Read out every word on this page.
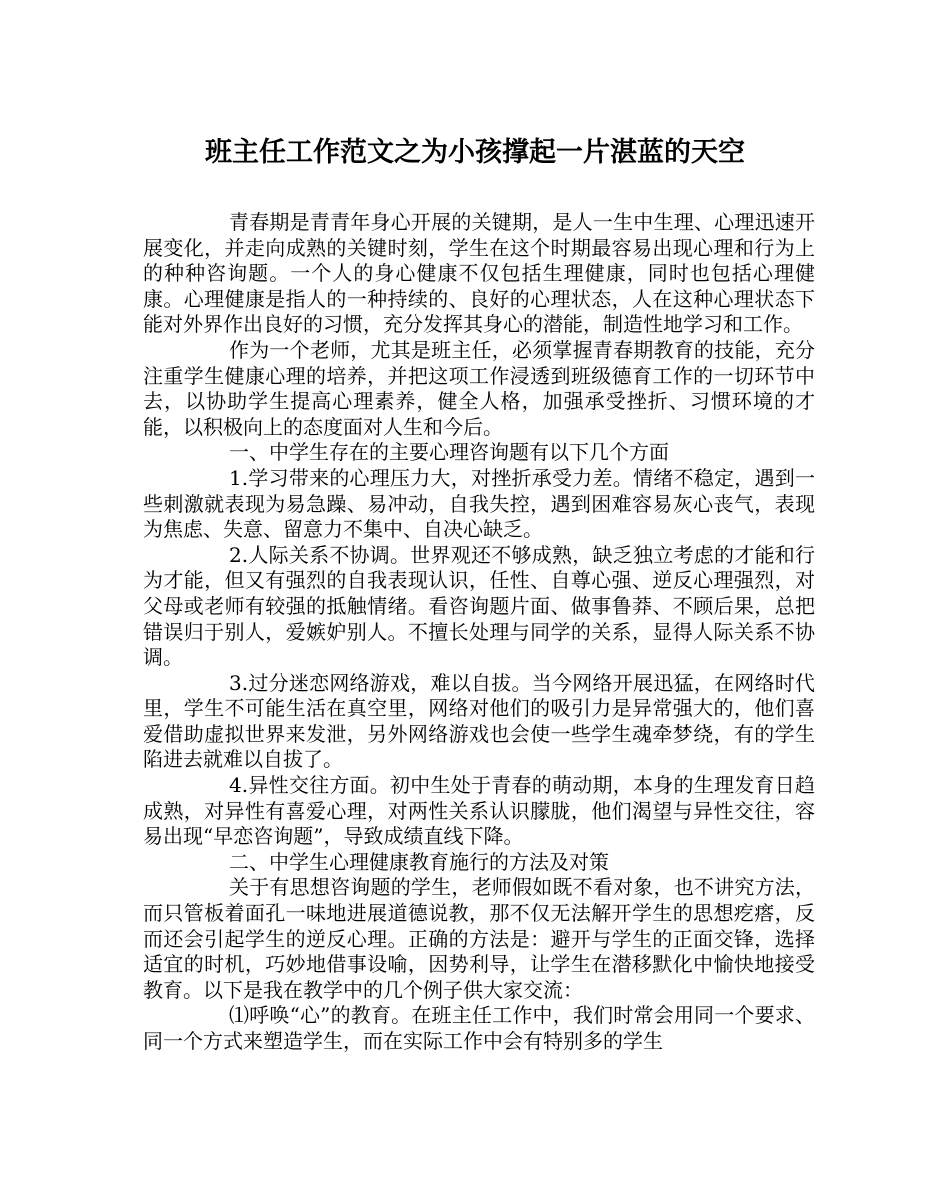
班主任工作范文之为小孩撑起一片湛蓝的天空

青春期是青青年身心开展的关键期，是人一生中生理、心理迅速开展变化，并走向成熟的关键时刻，学生在这个时期最容易出现心理和行为上的种种咨询题。一个人的身心健康不仅包括生理健康，同时也包括心理健康。心理健康是指人的一种持续的、良好的心理状态，人在这种心理状态下能对外界作出良好的习惯，充分发挥其身心的潜能，制造性地学习和工作。

作为一个老师，尤其是班主任，必须掌握青春期教育的技能，充分注重学生健康心理的培养，并把这项工作浸透到班级德育工作的一切环节中去，以协助学生提高心理素养，健全人格，加强承受挫折、习惯环境的才能，以积极向上的态度面对人生和今后。

一、中学生存在的主要心理咨询题有以下几个方面

1.学习带来的心理压力大，对挫折承受力差。情绪不稳定，遇到一些刺激就表现为易急躁、易冲动，自我失控，遇到困难容易灰心丧气，表现为焦虑、失意、留意力不集中、自决心缺乏。

2.人际关系不协调。世界观还不够成熟，缺乏独立考虑的才能和行为才能，但又有强烈的自我表现认识，任性、自尊心强、逆反心理强烈，对父母或老师有较强的抵触情绪。看咨询题片面、做事鲁莽、不顾后果，总把错误归于别人，爱嫉妒别人。不擅长处理与同学的关系，显得人际关系不协调。

3.过分迷恋网络游戏，难以自拔。当今网络开展迅猛，在网络时代里，学生不可能生活在真空里，网络对他们的吸引力是异常强大的，他们喜爱借助虚拟世界来发泄，另外网络游戏也会使一些学生魂牵梦绕，有的学生陷进去就难以自拔了。

4.异性交往方面。初中生处于青春的萌动期，本身的生理发育日趋成熟，对异性有喜爱心理，对两性关系认识朦胧，他们渴望与异性交往，容易出现“早恋咨询题”，导致成绩直线下降。

二、中学生心理健康教育施行的方法及对策

关于有思想咨询题的学生，老师假如既不看对象，也不讲究方法，而只管板着面孔一味地进展道德说教，那不仅无法解开学生的思想疙瘩，反而还会引起学生的逆反心理。正确的方法是：避开与学生的正面交锋，选择适宜的时机，巧妙地借事设喻，因势利导，让学生在潜移默化中愉快地接受教育。以下是我在教学中的几个例子供大家交流：

⑴呼唤“心”的教育。在班主任工作中，我们时常会用同一个要求、同一个方式来塑造学生，而在实际工作中会有特别多的学生
